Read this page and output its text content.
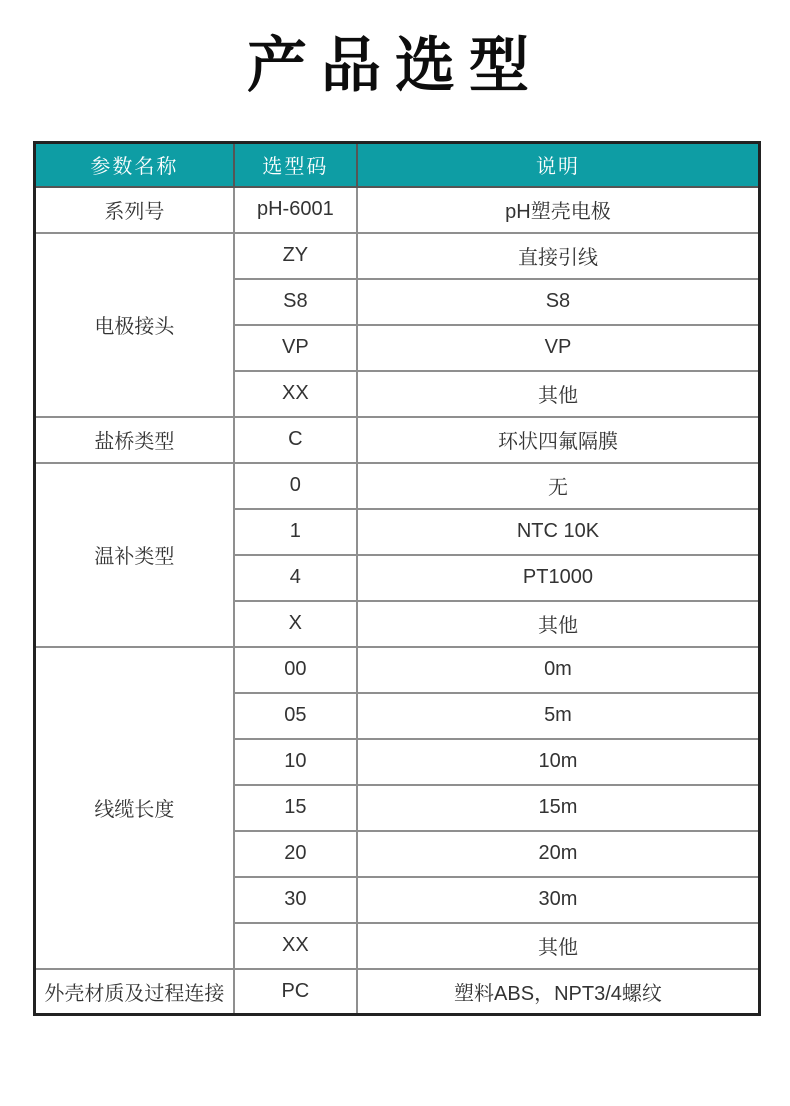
产品选型
参数名称	选型码	说明
系列号	pH-6001	pH塑壳电极
电极接头	ZY	直接引线
	S8	S8
	VP	VP
	XX	其他
盐桥类型	C	环状四氟隔膜
温补类型	0	无
	1	NTC 10K
	4	PT1000
	X	其他
线缆长度	00	0m
	05	5m
	10	10m
	15	15m
	20	20m
	30	30m
	XX	其他
外壳材质及过程连接	PC	塑料ABS，NPT3/4螺纹
